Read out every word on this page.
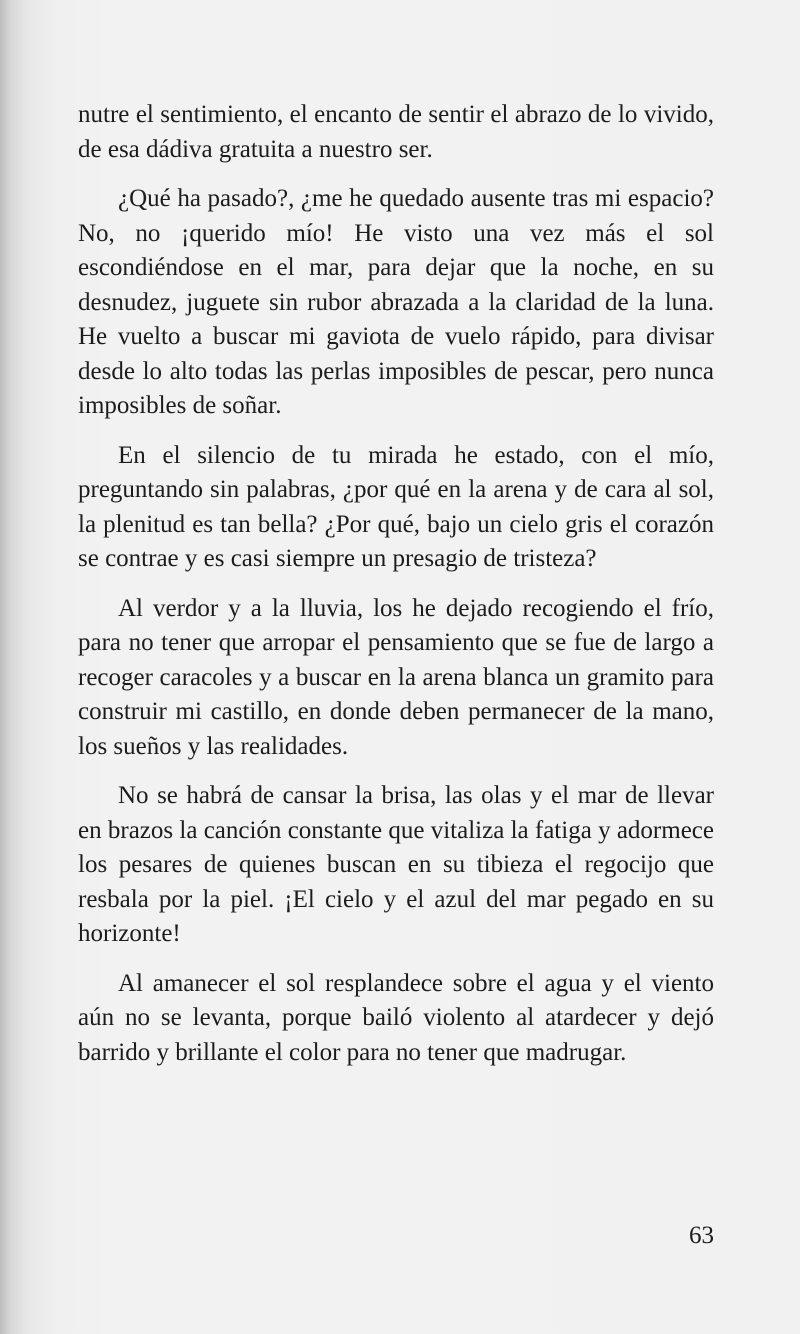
nutre el sentimiento, el encanto de sentir el abrazo de lo vivido, de esa dádiva gratuita a nuestro ser.

¿Qué ha pasado?, ¿me he quedado ausente tras mi espacio? No, no ¡querido mío! He visto una vez más el sol escondiéndose en el mar, para dejar que la noche, en su desnudez, juguete sin rubor abrazada a la claridad de la luna. He vuelto a buscar mi gaviota de vuelo rápido, para divisar desde lo alto todas las perlas imposibles de pescar, pero nunca imposibles de soñar.

En el silencio de tu mirada he estado, con el mío, preguntando sin palabras, ¿por qué en la arena y de cara al sol, la plenitud es tan bella? ¿Por qué, bajo un cielo gris el corazón se contrae y es casi siempre un presagio de tristeza?

Al verdor y a la lluvia, los he dejado recogiendo el frío, para no tener que arropar el pensamiento que se fue de largo a recoger caracoles y a buscar en la arena blanca un gramito para construir mi castillo, en donde deben permanecer de la mano, los sueños y las realidades.

No se habrá de cansar la brisa, las olas y el mar de llevar en brazos la canción constante que vitaliza la fatiga y adormece los pesares de quienes buscan en su tibieza el regocijo que resbala por la piel. ¡El cielo y el azul del mar pegado en su horizonte!

Al amanecer el sol resplandece sobre el agua y el viento aún no se levanta, porque bailó violento al atardecer y dejó barrido y brillante el color para no tener que madrugar.

63
